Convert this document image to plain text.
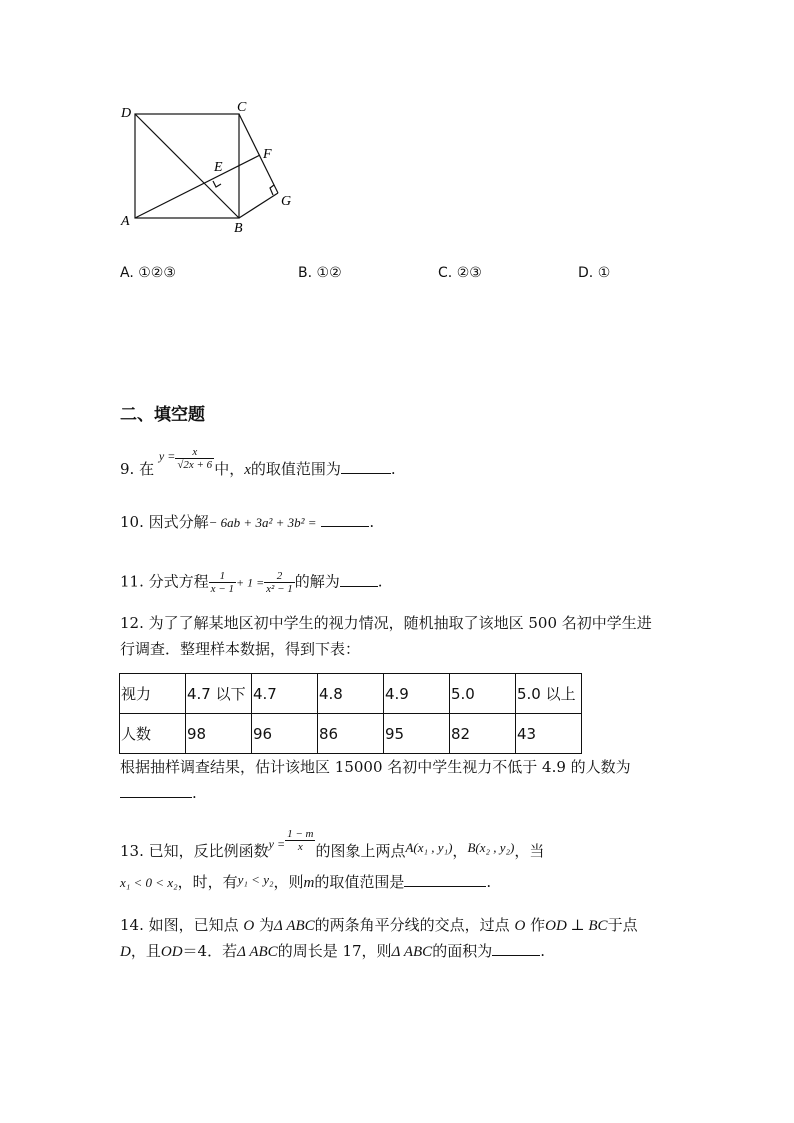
D	C
E
F
G
A	B
A. ①②③	B. ①②	C. ②③	D. ①
二、填空题
9. 在 $^{y =} \frac{x}{√2x + 6}$ 中，x的取值范围为	.
10. 因式分解− 6ab + 3a² + 3b² =	.
11. 分式方程 $\frac{1}{x - 1} + 1 = \frac{2}{\text{x² − 1}}$ 的解为	.
12. 为了了解某地区初中学生的视力情况，随机抽取了该地区 500 名初中学生进
行调查．整理样本数据，得到下表：
视力	4.7 以下	4.7	4.8	4.9	5.0	5.0 以上
人数	98	96	86	95	82	43
根据抽样调查结果，估计该地区 15000 名初中学生视力不低于 4.9 的人数为
.
13. 已知，反比例函数$^{y =} \frac{1 - m}{x}$ 的图象上两点A(x₁ , y₁)，B(x₂ , y₂)，当
x₁ < 0 < x₂，时，有y₁ < y₂，则m的取值范围是	.
14. 如图，已知点 O 为Δ ABC的两条角平分线的交点，过点 O 作OD ⊥ BC于点
D，且OD＝4．若Δ ABC的周长是 17，则Δ ABC的面积为	.
